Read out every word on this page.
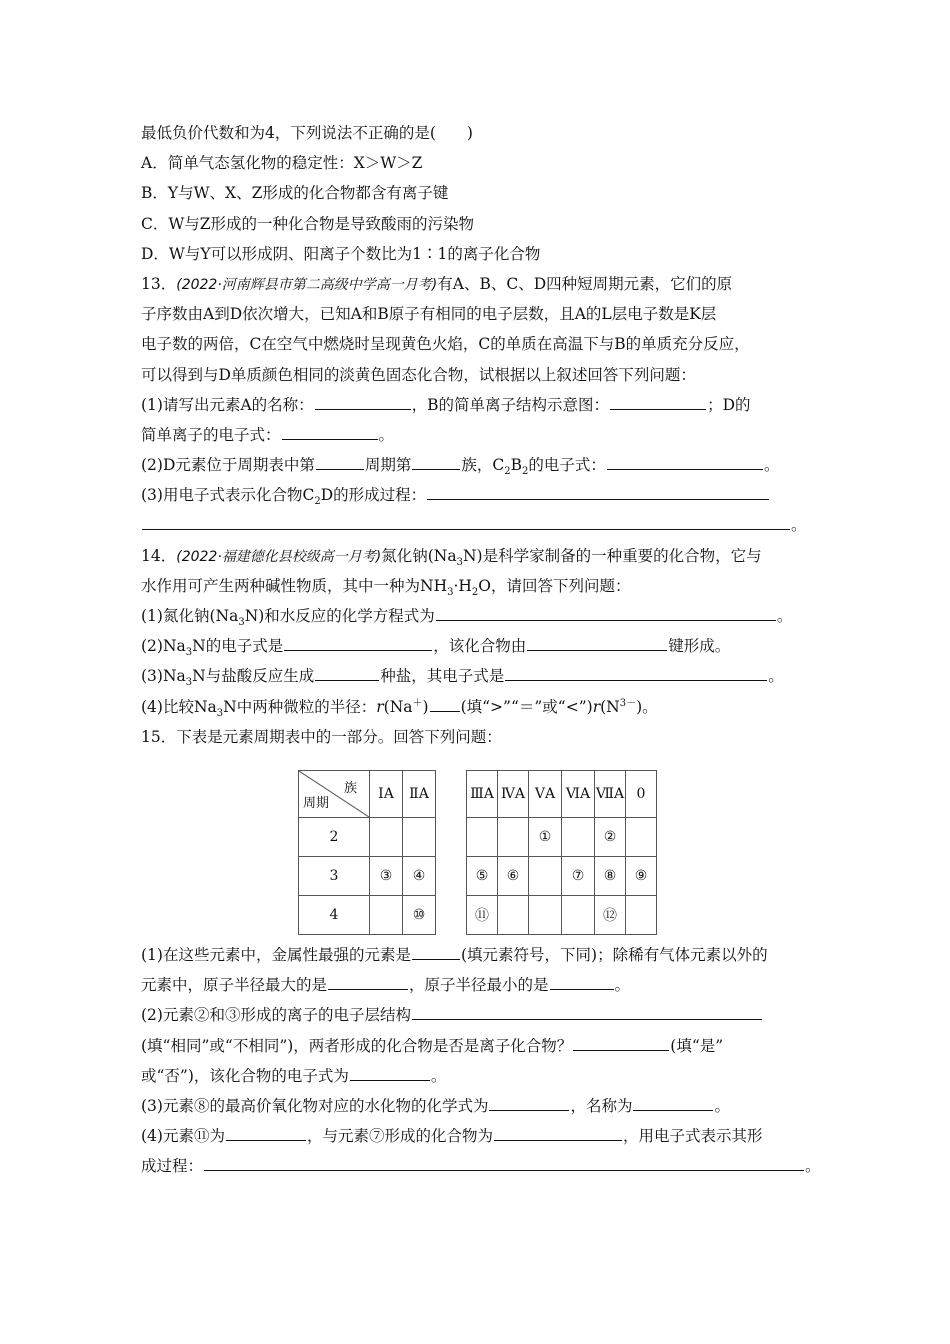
最低负价代数和为4，下列说法不正确的是(　　)
A．简单气态氢化物的稳定性：X＞W＞Z
B．Y与W、X、Z形成的化合物都含有离子键
C．W与Z形成的一种化合物是导致酸雨的污染物
D．W与Y可以形成阴、阳离子个数比为1∶1的离子化合物
13．(2022·河南辉县市第二高级中学高一月考)有A、B、C、D四种短周期元素，它们的原
子序数由A到D依次增大，已知A和B原子有相同的电子层数，且A的L层电子数是K层
电子数的两倍，C在空气中燃烧时呈现黄色火焰，C的单质在高温下与B的单质充分反应，
可以得到与D单质颜色相同的淡黄色固态化合物，试根据以上叙述回答下列问题：
(1)请写出元素A的名称：	，B的简单离子结构示意图：	；D的
简单离子的电子式：	。
(2)D元素位于周期表中第	周期第	族，$C_2B_2$的电子式：	。
(3)用电子式表示化合物$C_2D$的形成过程：
。
14．(2022·福建德化县校级高一月考)氮化钠$(Na_3N)$是科学家制备的一种重要的化合物，它与
水作用可产生两种碱性物质，其中一种为$NH_3\cdot H_2O$，请回答下列问题：
(1)氮化钠$(Na_3N)$和水反应的化学方程式为	。
$(2)Na_3N$的电子式是	，该化合物由	键形成。
$(3)Na_3N$与盐酸反应生成	种盐，其电子式是	。
(4)比较$Na_3N$中两种微粒的半径：r(Na＋) (填“>”“＝”或“$<”)r(N^{3-})$。
15．下表是元素周期表中的一部分。回答下列问题：
族
周期	ⅠA	ⅡA		ⅢA	ⅣA	ⅤA	ⅥA	ⅦA	0
2						①		②	
3	③	④		⑤	⑥		⑦	⑧	⑨
4		⑩		⑪				⑫	
(1)在这些元素中，金属性最强的元素是	(填元素符号，下同)；除稀有气体元素以外的
元素中，原子半径最大的是	，原子半径最小的是	。
(2)元素②和③形成的离子的电子层结构
(填“相同”或“不相同”)，两者形成的化合物是否是离子化合物？	(填“是”
或“否”)，该化合物的电子式为	。
(3)元素⑧的最高价氧化物对应的水化物的化学式为	，名称为	。
(4)元素⑪为	，与元素⑦形成的化合物为	，用电子式表示其形
成过程：	。
